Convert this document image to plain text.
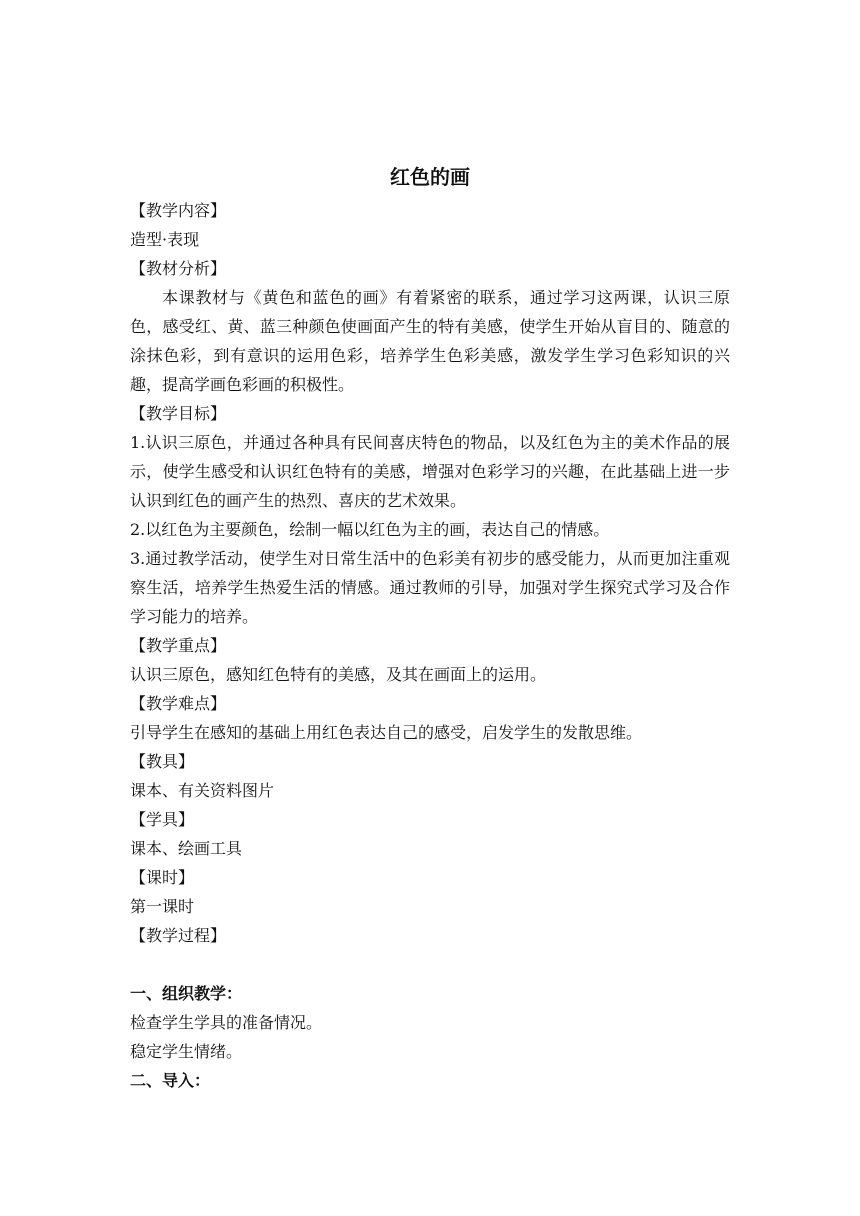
红色的画

【教学内容】

造型·表现

【教材分析】

本课教材与《黄色和蓝色的画》有着紧密的联系，通过学习这两课，认识三原色，感受红、黄、蓝三种颜色使画面产生的特有美感，使学生开始从盲目的、随意的涂抹色彩，到有意识的运用色彩，培养学生色彩美感，激发学生学习色彩知识的兴趣，提高学画色彩画的积极性。

【教学目标】

1.认识三原色，并通过各种具有民间喜庆特色的物品，以及红色为主的美术作品的展示，使学生感受和认识红色特有的美感，增强对色彩学习的兴趣，在此基础上进一步认识到红色的画产生的热烈、喜庆的艺术效果。

2.以红色为主要颜色，绘制一幅以红色为主的画，表达自己的情感。

3.通过教学活动，使学生对日常生活中的色彩美有初步的感受能力，从而更加注重观察生活，培养学生热爱生活的情感。通过教师的引导，加强对学生探究式学习及合作学习能力的培养。

【教学重点】

认识三原色，感知红色特有的美感，及其在画面上的运用。

【教学难点】

引导学生在感知的基础上用红色表达自己的感受，启发学生的发散思维。

【教具】

课本、有关资料图片

【学具】

课本、绘画工具

【课时】

第一课时

【教学过程】

一、组织教学：

检查学生学具的准备情况。

稳定学生情绪。

二、导入：
